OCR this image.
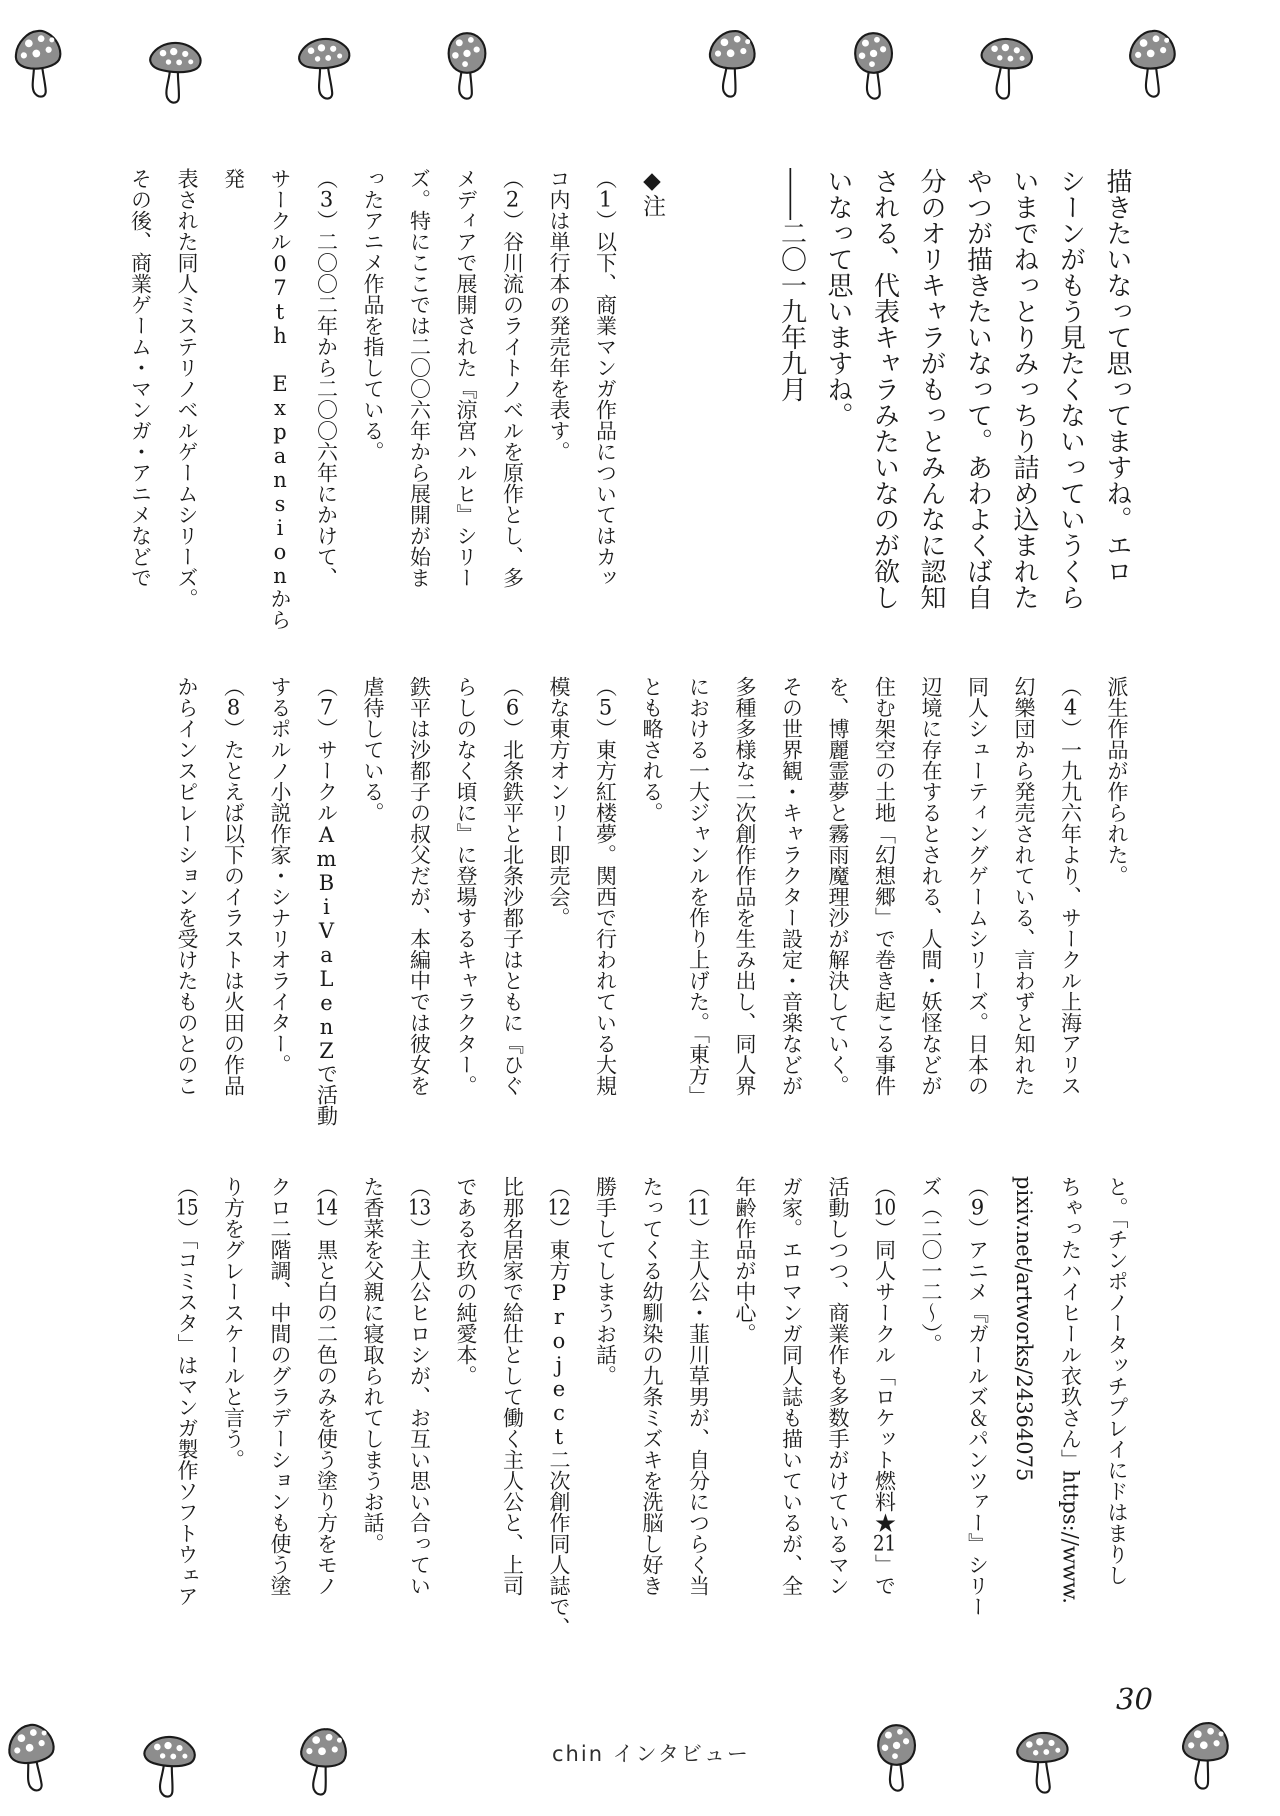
描きたいなって思ってますね。エロ
シーンがもう見たくないっていうくら
いまでねっとりみっちり詰め込まれた
やつが描きたいなって。あわよくば自
分のオリキャラがもっとみんなに認知
される、代表キャラみたいなのが欲し
いなって思いますね。
――二〇一九年九月
◆注
（1）以下、商業マンガ作品についてはカッ
コ内は単行本の発売年を表す。
（2）谷川流のライトノベルを原作とし、多
メディアで展開された『涼宮ハルヒ』シリー
ズ。特にここでは二〇〇六年から展開が始ま
ったアニメ作品を指している。
（3）二〇〇二年から二〇〇六年にかけて、
サークル07th Expansionから発
表された同人ミステリノベルゲームシリーズ。
その後、商業ゲーム・マンガ・アニメなどで
派生作品が作られた。
（4）一九九六年より、サークル上海アリス
幻樂団から発売されている、言わずと知れた
同人シューティングゲームシリーズ。日本の
辺境に存在するとされる、人間・妖怪などが
住む架空の土地「幻想郷」で巻き起こる事件
を、博麗霊夢と霧雨魔理沙が解決していく。
その世界観・キャラクター設定・音楽などが
多種多様な二次創作作品を生み出し、同人界
における一大ジャンルを作り上げた。「東方」
とも略される。
（5）東方紅楼夢。関西で行われている大規
模な東方オンリー即売会。
（6）北条鉄平と北条沙都子はともに『ひぐ
らしのなく頃に』に登場するキャラクター。
鉄平は沙都子の叔父だが、本編中では彼女を
虐待している。
（7）サークルAmBiVaLenZで活動
するポルノ小説作家・シナリオライター。
（8）たとえば以下のイラストは火田の作品
からインスピレーションを受けたものとのこ
と。「チンポノータッチプレイにドはまりし
ちゃったハイヒール衣玖さん」https://www.
pixiv.net/artworks/24364075
（9）アニメ『ガールズ＆パンツァー』シリー
ズ（二〇一二〜）。
（10）同人サークル「ロケット燃料★21」で
活動しつつ、商業作も多数手がけているマン
ガ家。エロマンガ同人誌も描いているが、全
年齢作品が中心。
（11）主人公・韮川草男が、自分につらく当
たってくる幼馴染の九条ミズキを洗脳し好き
勝手してしまうお話。
（12）東方Project二次創作同人誌で、
比那名居家で給仕として働く主人公と、上司
である衣玖の純愛本。
（13）主人公ヒロシが、お互い思い合ってい
た香菜を父親に寝取られてしまうお話。
（14）黒と白の二色のみを使う塗り方をモノ
クロ二階調、中間のグラデーションも使う塗
り方をグレースケールと言う。
（15）「コミスタ」はマンガ製作ソフトウェア
30
chin インタビュー
